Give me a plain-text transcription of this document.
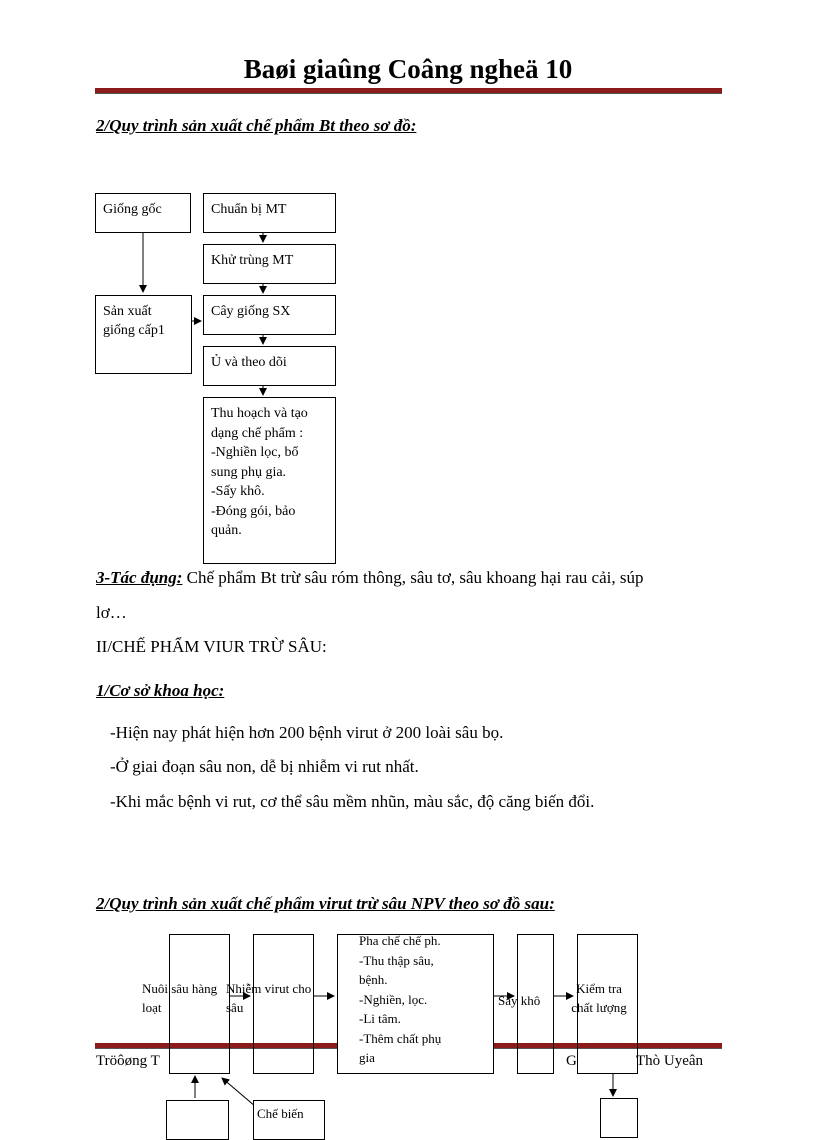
Baøi giaûng Coâng ngheä 10
2/Quy trình sản xuất chế phẩm Bt theo sơ đồ:
Giống gốc
Sản xuất
giống cấp1
Chuẩn bị MT
Khử trùng MT
Cây giống SX
Ủ và theo dõi
Thu hoạch và tạo
dạng chế phẩm :
-Nghiền lọc, bổ
sung phụ gia.
-Sấy khô.
-Đóng gói, bảo
quản.
3-Tác đụng: Chế phẩm Bt trừ sâu róm thông, sâu tơ, sâu khoang hại rau cải, súp
lơ…
II/CHẾ PHẨM VIUR TRỪ SÂU:
1/Cơ sở khoa học:
-Hiện nay phát hiện hơn 200 bệnh virut ở 200 loài sâu bọ.
-Ở giai đoạn sâu non, dễ bị nhiễm vi rut nhất.
-Khi mắc bệnh vi rut, cơ thể sâu mềm nhũn, màu sắc, độ căng biến đổi.
2/Quy trình sản xuất chế phẩm virut trừ sâu NPV theo sơ đồ sau:
Tröôøng T	G	Thò Uyeân
Nuôi sâu hàng
loạt
Nhiễm virut cho
sâu
Pha chế chế ph.
-Thu thập sâu,
bệnh.
-Nghiền, lọc.
-Li tâm.
-Thêm chất phụ
gia
Sấy khô
Kiểm tra
chất lượng
Chế biến
